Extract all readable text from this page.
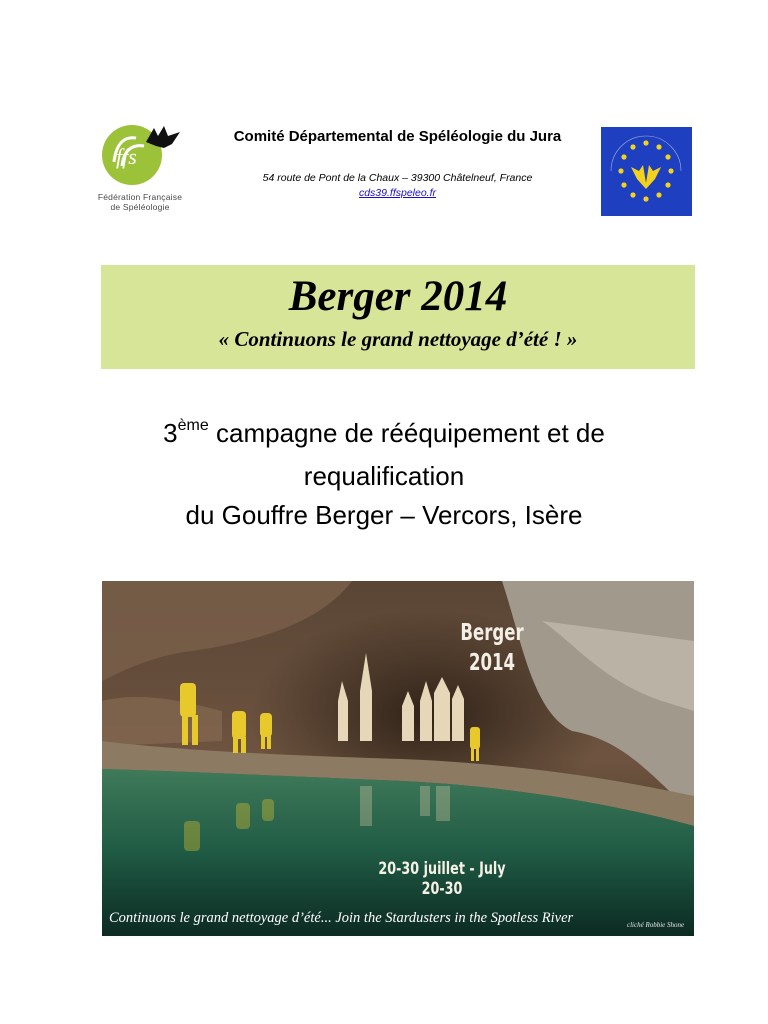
ffs
Fédération Française
de Spéléologie
Comité Départemental de Spéléologie du Jura
54 route de Pont de la Chaux – 39300 Châtelneuf, France
cds39.ffspeleo.fr
Berger 2014
« Continuons le grand nettoyage d’été ! »
3ème campagne de rééquipement et de
requalification
du Gouffre Berger – Vercors, Isère
Berger
2014
20-30 juillet - July 20-30
Continuons le grand nettoyage d’été... Join the Stardusters in the Spotless River	cliché Robbie Shone
